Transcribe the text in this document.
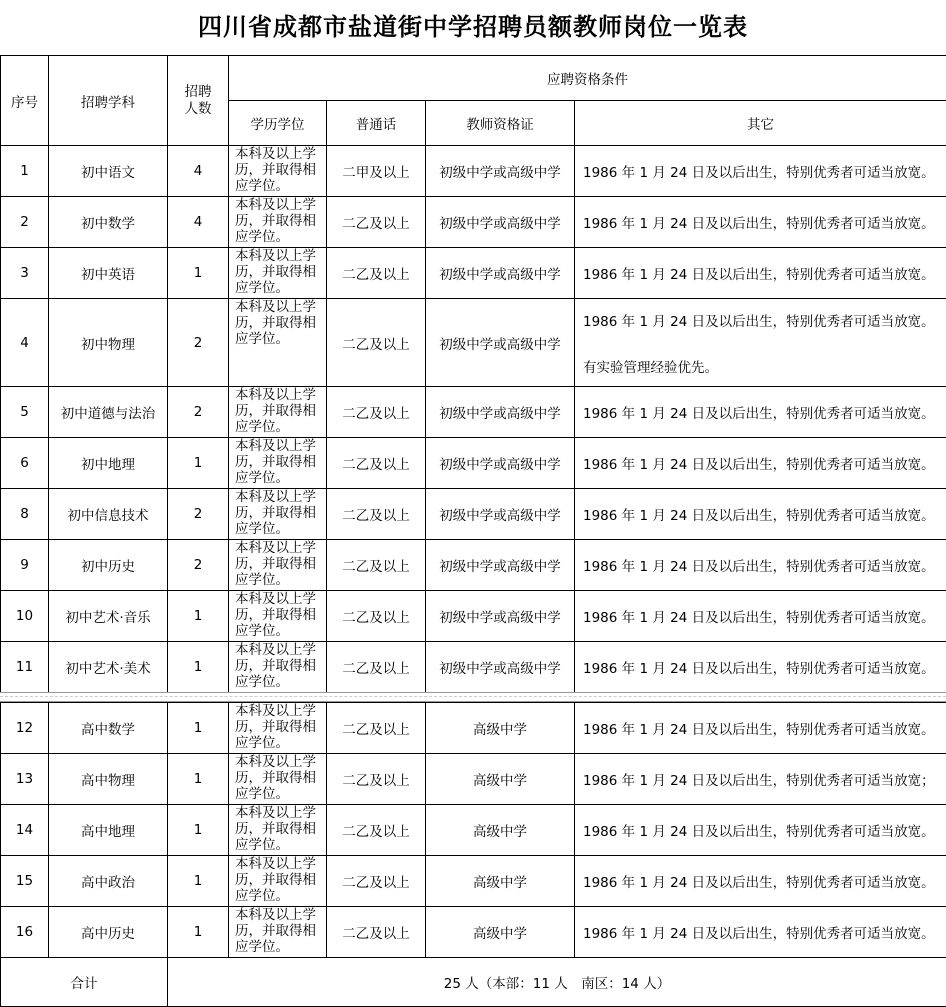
四川省成都市盐道街中学招聘员额教师岗位一览表
序号	招聘学科	招聘人数	应聘资格条件			
			学历学位	普通话	教师资格证	其它
1	初中语文	4	本科及以上学历，并取得相应学位。	二甲及以上	初级中学或高级中学	1986 年 1 月 24 日及以后出生，特别优秀者可适当放宽。
2	初中数学	4	本科及以上学历，并取得相应学位。	二乙及以上	初级中学或高级中学	1986 年 1 月 24 日及以后出生，特别优秀者可适当放宽。
3	初中英语	1	本科及以上学历，并取得相应学位。	二乙及以上	初级中学或高级中学	1986 年 1 月 24 日及以后出生，特别优秀者可适当放宽。
4	初中物理	2	本科及以上学历，并取得相应学位。	二乙及以上	初级中学或高级中学	1986 年 1 月 24 日及以后出生，特别优秀者可适当放宽。
有实验管理经验优先。

5	初中道德与法治	2	本科及以上学历，并取得相应学位。	二乙及以上	初级中学或高级中学	1986 年 1 月 24 日及以后出生，特别优秀者可适当放宽。
6	初中地理	1	本科及以上学历，并取得相应学位。	二乙及以上	初级中学或高级中学	1986 年 1 月 24 日及以后出生，特别优秀者可适当放宽。
8	初中信息技术	2	本科及以上学历，并取得相应学位。	二乙及以上	初级中学或高级中学	1986 年 1 月 24 日及以后出生，特别优秀者可适当放宽。
9	初中历史	2	本科及以上学历，并取得相应学位。	二乙及以上	初级中学或高级中学	1986 年 1 月 24 日及以后出生，特别优秀者可适当放宽。
10	初中艺术·音乐	1	本科及以上学历，并取得相应学位。	二乙及以上	初级中学或高级中学	1986 年 1 月 24 日及以后出生，特别优秀者可适当放宽。
11	初中艺术·美术	1	本科及以上学历，并取得相应学位。	二乙及以上	初级中学或高级中学	1986 年 1 月 24 日及以后出生，特别优秀者可适当放宽。
12	高中数学	1	本科及以上学历，并取得相应学位。	二乙及以上	高级中学	1986 年 1 月 24 日及以后出生，特别优秀者可适当放宽。
13	高中物理	1	本科及以上学历，并取得相应学位。	二乙及以上	高级中学	1986 年 1 月 24 日及以后出生，特别优秀者可适当放宽；
14	高中地理	1	本科及以上学历，并取得相应学位。	二乙及以上	高级中学	1986 年 1 月 24 日及以后出生，特别优秀者可适当放宽。
15	高中政治	1	本科及以上学历，并取得相应学位。	二乙及以上	高级中学	1986 年 1 月 24 日及以后出生，特别优秀者可适当放宽。
16	高中历史	1	本科及以上学历，并取得相应学位。	二乙及以上	高级中学	1986 年 1 月 24 日及以后出生，特别优秀者可适当放宽。
合计		25 人（本部：11 人　南区：14 人）				
